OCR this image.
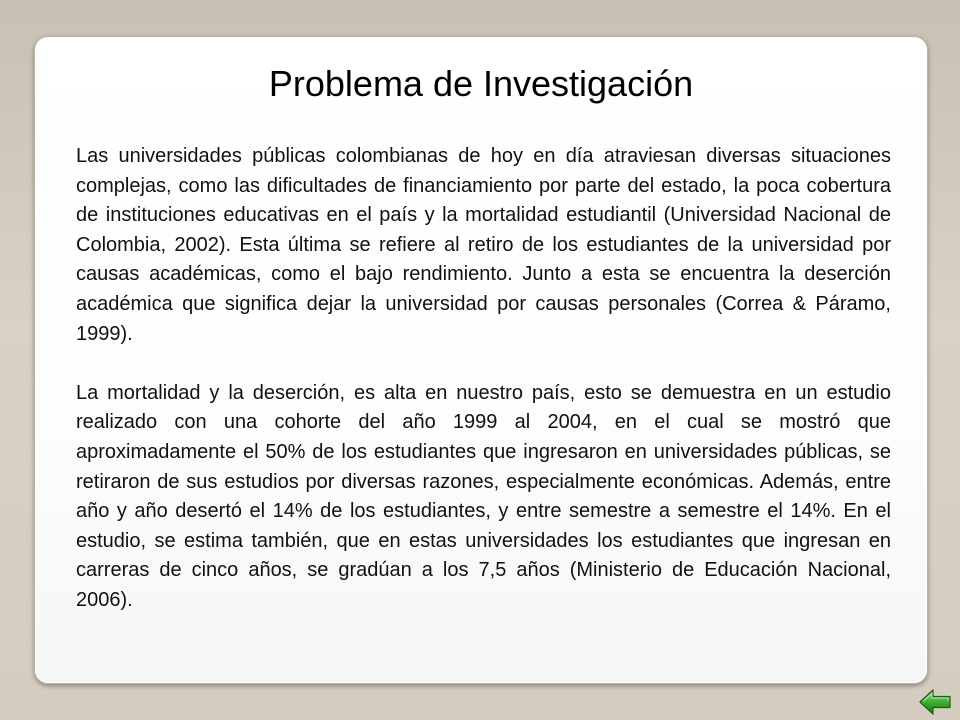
Problema de Investigación

Las universidades públicas colombianas de hoy en día atraviesan diversas situaciones complejas, como las dificultades de financiamiento por parte del estado, la poca cobertura de instituciones educativas en el país y la mortalidad estudiantil (Universidad Nacional de Colombia, 2002). Esta última se refiere al retiro de los estudiantes de la universidad por causas académicas, como el bajo rendimiento. Junto a esta se encuentra la deserción académica que significa dejar la universidad por causas personales (Correa & Páramo, 1999).

La mortalidad y la deserción, es alta en nuestro país, esto se demuestra en un estudio realizado con una cohorte del año 1999 al 2004, en el cual se mostró que aproximadamente el 50% de los estudiantes que ingresaron en universidades públicas, se retiraron de sus estudios por diversas razones, especialmente económicas. Además, entre año y año desertó el 14% de los estudiantes, y entre semestre a semestre el 14%. En el estudio, se estima también, que en estas universidades los estudiantes que ingresan en carreras de cinco años, se gradúan a los 7,5 años (Ministerio de Educación Nacional, 2006).
